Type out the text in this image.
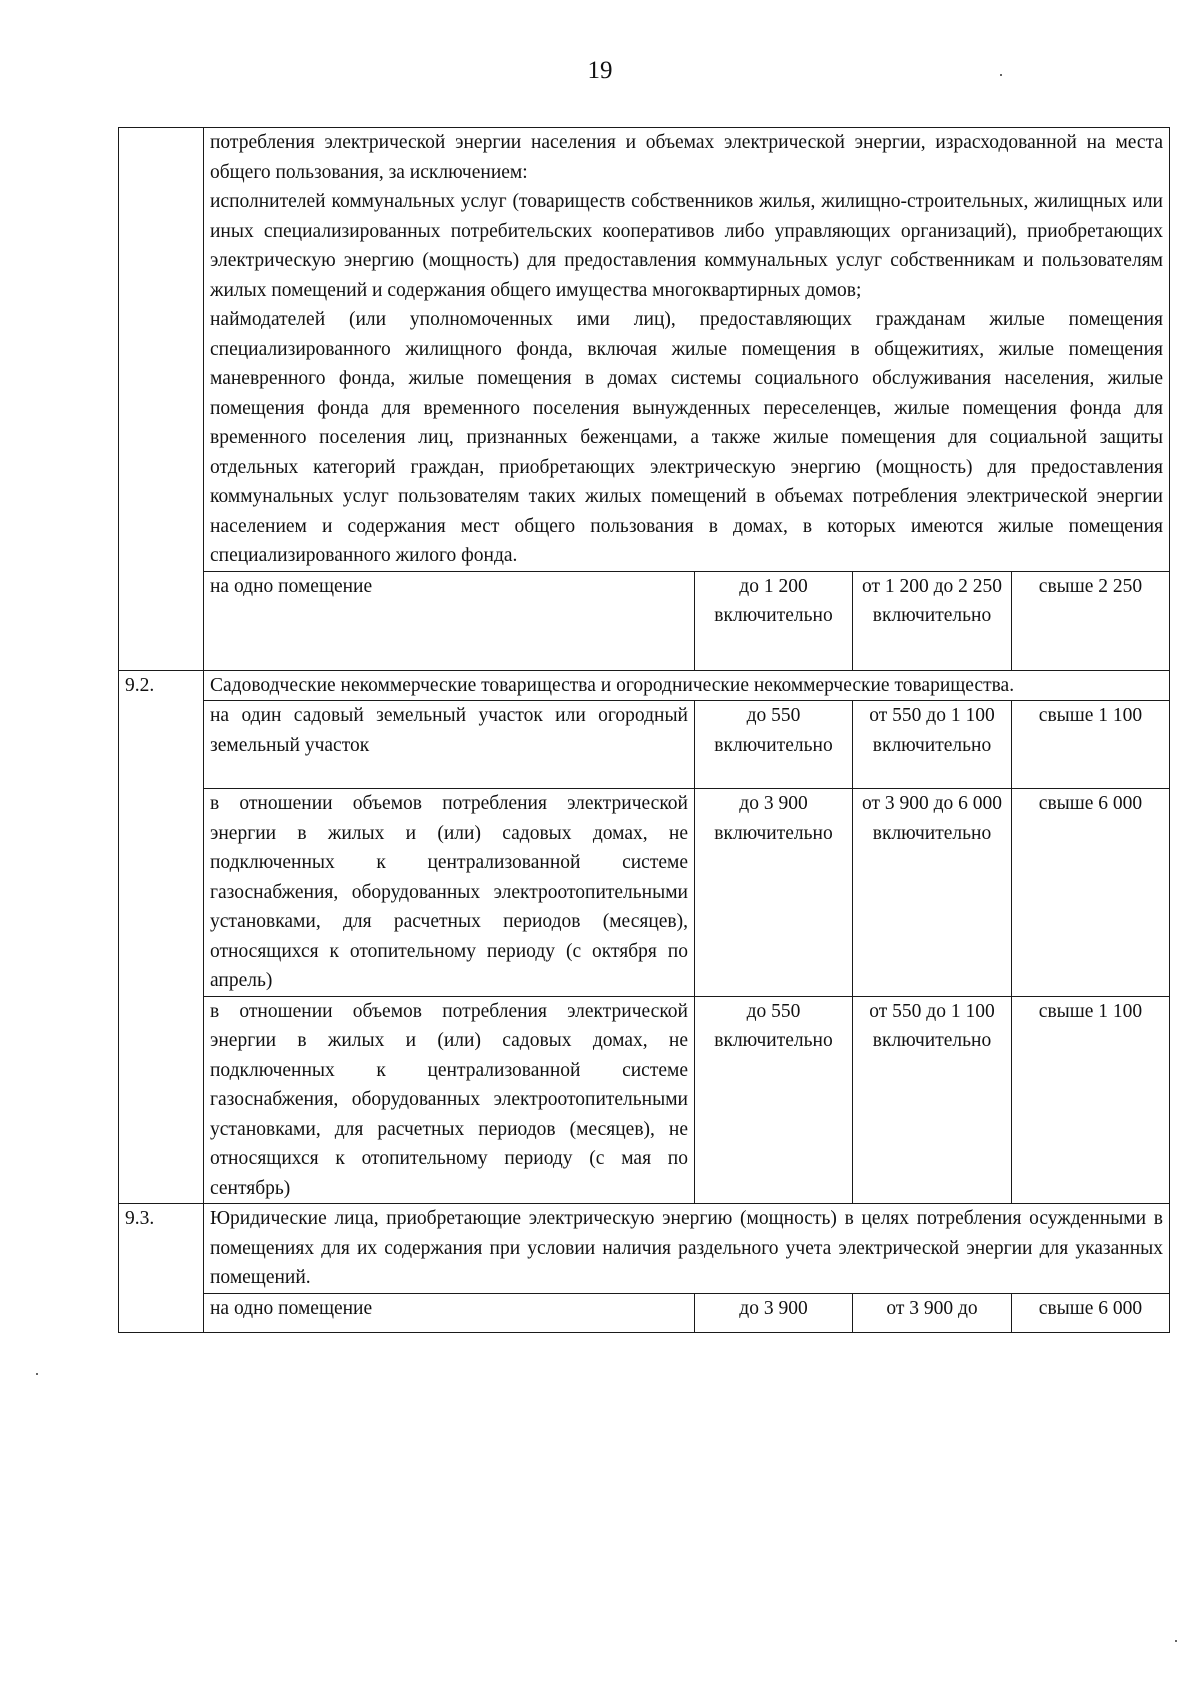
19

	потребления электрической энергии населения и объемах электрической энергии, израсходованной на места общего пользования, за исключением:

исполнителей коммунальных услуг (товариществ собственников жилья, жилищно-строительных, жилищных или иных специализированных потребительских кооперативов либо управляющих организаций), приобретающих электрическую энергию (мощность) для предоставления коммунальных услуг собственникам и пользователям жилых помещений и содержания общего имущества многоквартирных домов;

наймодателей (или уполномоченных ими лиц), предоставляющих гражданам жилые помещения специализированного жилищного фонда, включая жилые помещения в общежитиях, жилые помещения маневренного фонда, жилые помещения в домах системы социального обслуживания населения, жилые помещения фонда для временного поселения вынужденных переселенцев, жилые помещения фонда для временного поселения лиц, признанных беженцами, а также жилые помещения для социальной защиты отдельных категорий граждан, приобретающих электрическую энергию (мощность) для предоставления коммунальных услуг пользователям таких жилых помещений в объемах потребления электрической энергии населением и содержания мест общего пользования в домах, в которых имеются жилые помещения специализированного жилого фонда.			

	на одно помещение	до 1 200 включительно	от 1 200 до 2 250 включительно	свыше 2 250
9.2.	Садоводческие некоммерческие товарищества и огороднические некоммерческие товарищества.			
	на один садовый земельный участок или огородный земельный участок	до 550 включительно	от 550 до 1 100 включительно	свыше 1 100
	в отношении объемов потребления электрической энергии в жилых и (или) садовых домах, не подключенных к централизованной системе газоснабжения, оборудованных электроотопительными установками, для расчетных периодов (месяцев), относящихся к отопительному периоду (с октября по апрель)	до 3 900 включительно	от 3 900 до 6 000 включительно	свыше 6 000
	в отношении объемов потребления электрической энергии в жилых и (или) садовых домах, не подключенных к централизованной системе газоснабжения, оборудованных электроотопительными установками, для расчетных периодов (месяцев), не относящихся к отопительному периоду (с мая по сентябрь)	до 550 включительно	от 550 до 1 100 включительно	свыше 1 100
9.3.	Юридические лица, приобретающие электрическую энергию (мощность) в целях потребления осужденными в помещениях для их содержания при условии наличия раздельного учета электрической энергии для указанных помещений.			
	на одно помещение	до 3 900	от 3 900 до	свыше 6 000
